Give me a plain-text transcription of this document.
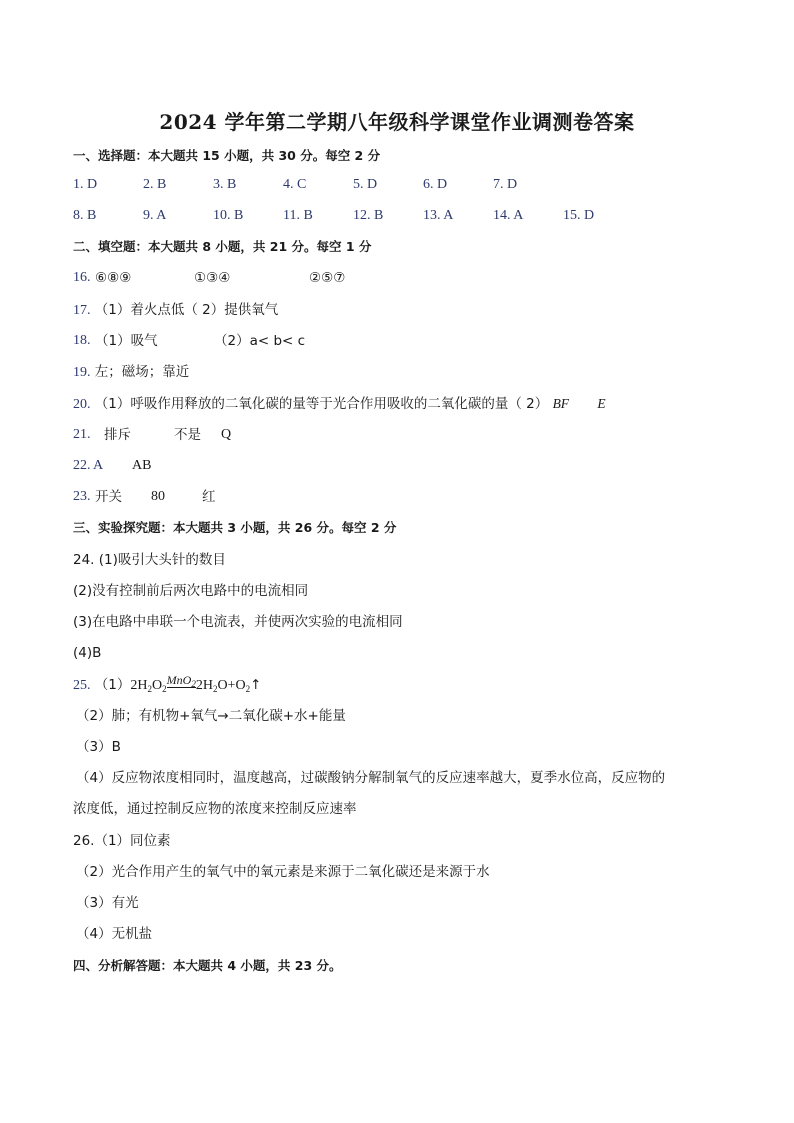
2024 学年第二学期八年级科学课堂作业调测卷答案
一、选择题：本大题共 15 小题，共 30 分。每空 2 分
1. D	2. B	3. B	4. C	5. D	6. D	7. D
8. B	9. A	10. B	11. B	12. B	13. A	14. A	15. D
二、填空题：本大题共 8 小题，共 21 分。每空 1 分
16. ⑥⑧⑨	①③④	②⑤⑦
17. （1）着火点低（ 2）提供氧气
18. （1）吸气	（2）a< b< c
19. 左；磁场；靠近
20. （1）呼吸作用释放的二氧化碳的量等于光合作用吸收的二氧化碳的量（ 2） BF E
21. 排斥	不是 Q
22. A AB
23. 开关 80	红
三、实验探究题：本大题共 3 小题，共 26 分。每空 2 分
24. (1)吸引大头针的数目
(2)没有控制前后两次电路中的电流相同
(3)在电路中串联一个电流表，并使两次实验的电流相同
(4)B
25. $(1)2H_2O_2MnO_22H_2O+O_2↑$
（2）肺；有机物+氧气→二氧化碳+水+能量
（3）B
（4）反应物浓度相同时，温度越高，过碳酸钠分解制氧气的反应速率越大，夏季水位高，反应物的
浓度低，通过控制反应物的浓度来控制反应速率
26.（1）同位素
（2）光合作用产生的氧气中的氧元素是来源于二氧化碳还是来源于水
（3）有光
（4）无机盐
四、分析解答题：本大题共 4 小题，共 23 分。
